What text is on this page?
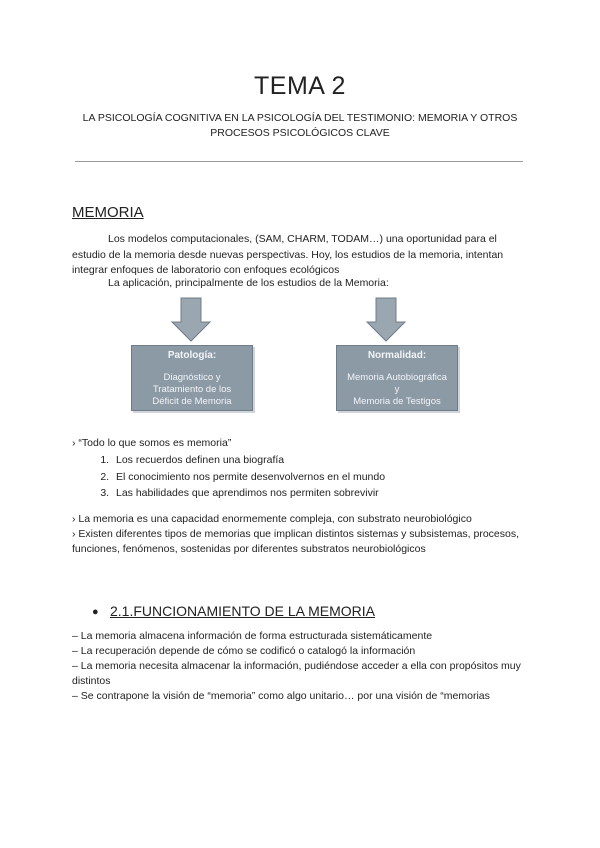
TEMA 2
LA PSICOLOGÍA COGNITIVA EN LA PSICOLOGÍA DEL TESTIMONIO: MEMORIA Y OTROS PROCESOS PSICOLÓGICOS CLAVE
MEMORIA
Los modelos computacionales, (SAM, CHARM, TODAM…) una oportunidad para el estudio de la memoria desde nuevas perspectivas. Hoy, los estudios de la memoria, intentan integrar enfoques de laboratorio con enfoques ecológicos
La aplicación, principalmente de los estudios de la Memoria:
Patología:
Diagnóstico y
Tratamiento de los
Déficit de Memoria
Normalidad:
Memoria Autobiográfica
y
Memoria de Testigos
› “Todo lo que somos es memoria”
1. Los recuerdos definen una biografía
2. El conocimiento nos permite desenvolvernos en el mundo
3. Las habilidades que aprendimos nos permiten sobrevivir
› La memoria es una capacidad enormemente compleja, con substrato neurobiológico
› Existen diferentes tipos de memorias que implican distintos sistemas y subsistemas, procesos, funciones, fenómenos, sostenidas por diferentes substratos neurobiológicos
● 2.1.FUNCIONAMIENTO DE LA MEMORIA
– La memoria almacena información de forma estructurada sistemáticamente
– La recuperación depende de cómo se codificó o catalogó la información
– La memoria necesita almacenar la información, pudiéndose acceder a ella con propósitos muy distintos
– Se contrapone la visión de “memoria” como algo unitario… por una visión de “memorias
